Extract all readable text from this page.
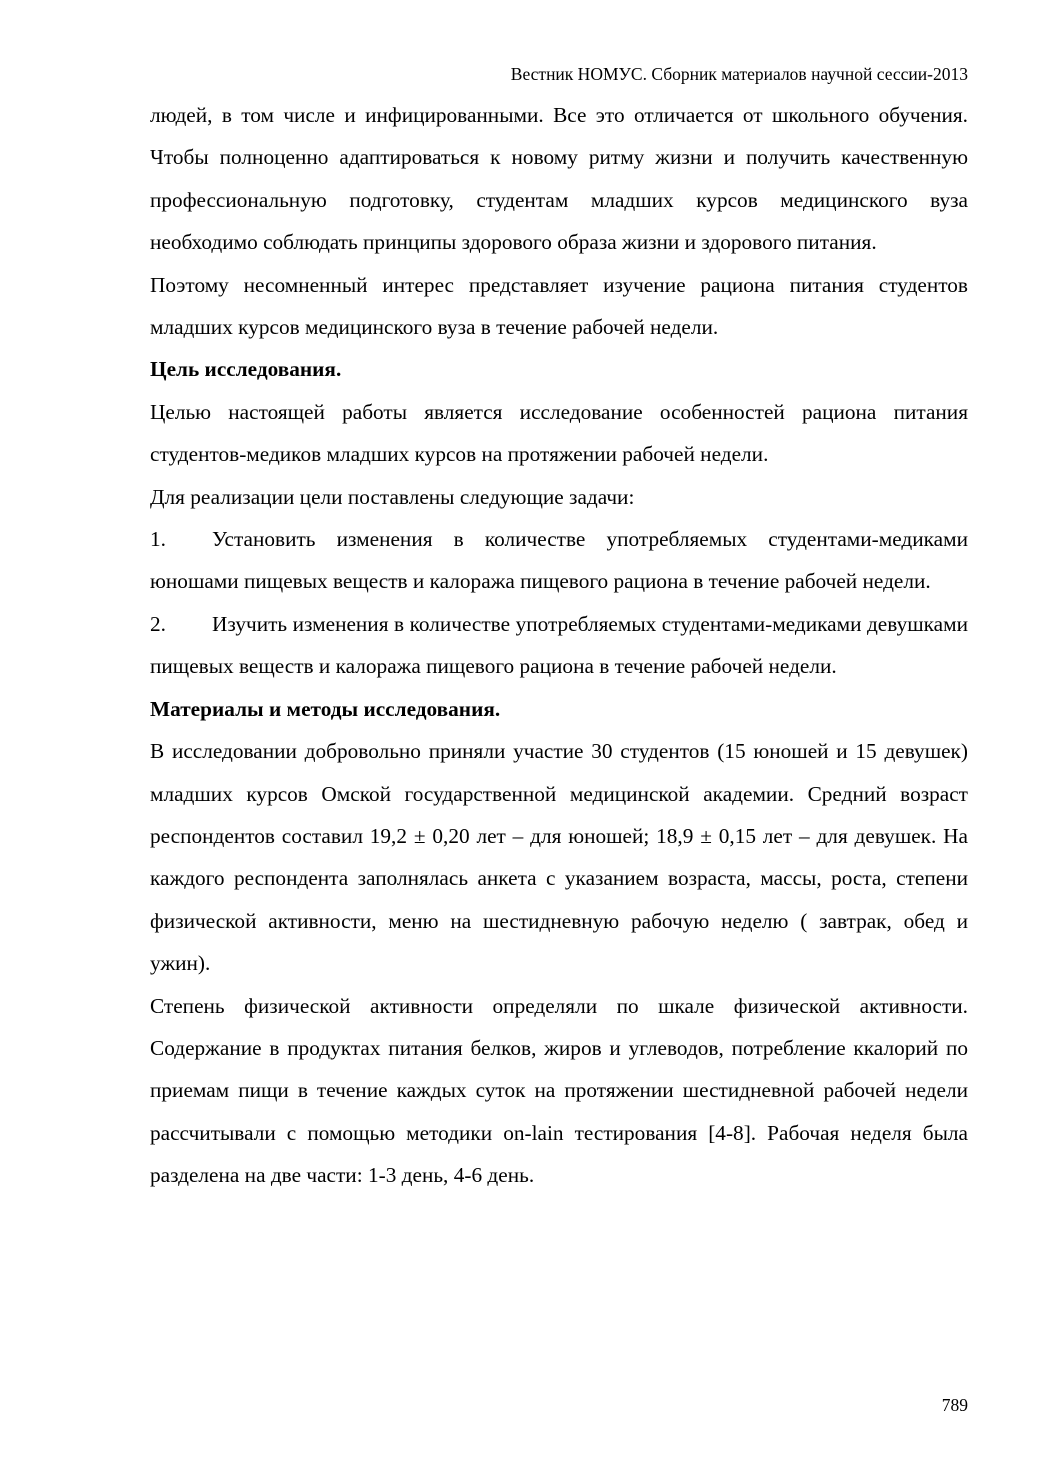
Вестник НОМУС. Сборник материалов научной сессии-2013

людей, в том числе и инфицированными. Все это отличается от школьного обучения. Чтобы полноценно адаптироваться к новому ритму жизни и получить качественную профессиональную подготовку, студентам младших курсов медицинского вуза необходимо соблюдать принципы здорового образа жизни и здорового питания.

Поэтому несомненный интерес представляет изучение рациона питания студентов младших курсов медицинского вуза в течение рабочей недели.

Цель исследования.

Целью настоящей работы является исследование особенностей рациона питания студентов-медиков младших курсов на протяжении рабочей недели.

Для реализации цели поставлены следующие задачи:

1. Установить изменения в количестве употребляемых студентами-медиками юношами пищевых веществ и калоража пищевого рациона в течение рабочей недели.

2. Изучить изменения в количестве употребляемых студентами-медиками девушками пищевых веществ и калоража пищевого рациона в течение рабочей недели.

Материалы и методы исследования.

В исследовании добровольно приняли участие 30 студентов (15 юношей и 15 девушек) младших курсов Омской государственной медицинской академии. Средний возраст респондентов составил 19,2 ± 0,20 лет – для юношей; 18,9 ± 0,15 лет – для девушек. На каждого респондента заполнялась анкета с указанием возраста, массы, роста, степени физической активности, меню на шестидневную рабочую неделю ( завтрак, обед и ужин).

Степень физической активности определяли по шкале физической активности. Содержание в продуктах питания белков, жиров и углеводов, потребление ккалорий по приемам пищи в течение каждых суток на протяжении шестидневной рабочей недели рассчитывали с помощью методики on-lain тестирования [4-8]. Рабочая неделя была разделена на две части: 1-3 день, 4-6 день.

789
